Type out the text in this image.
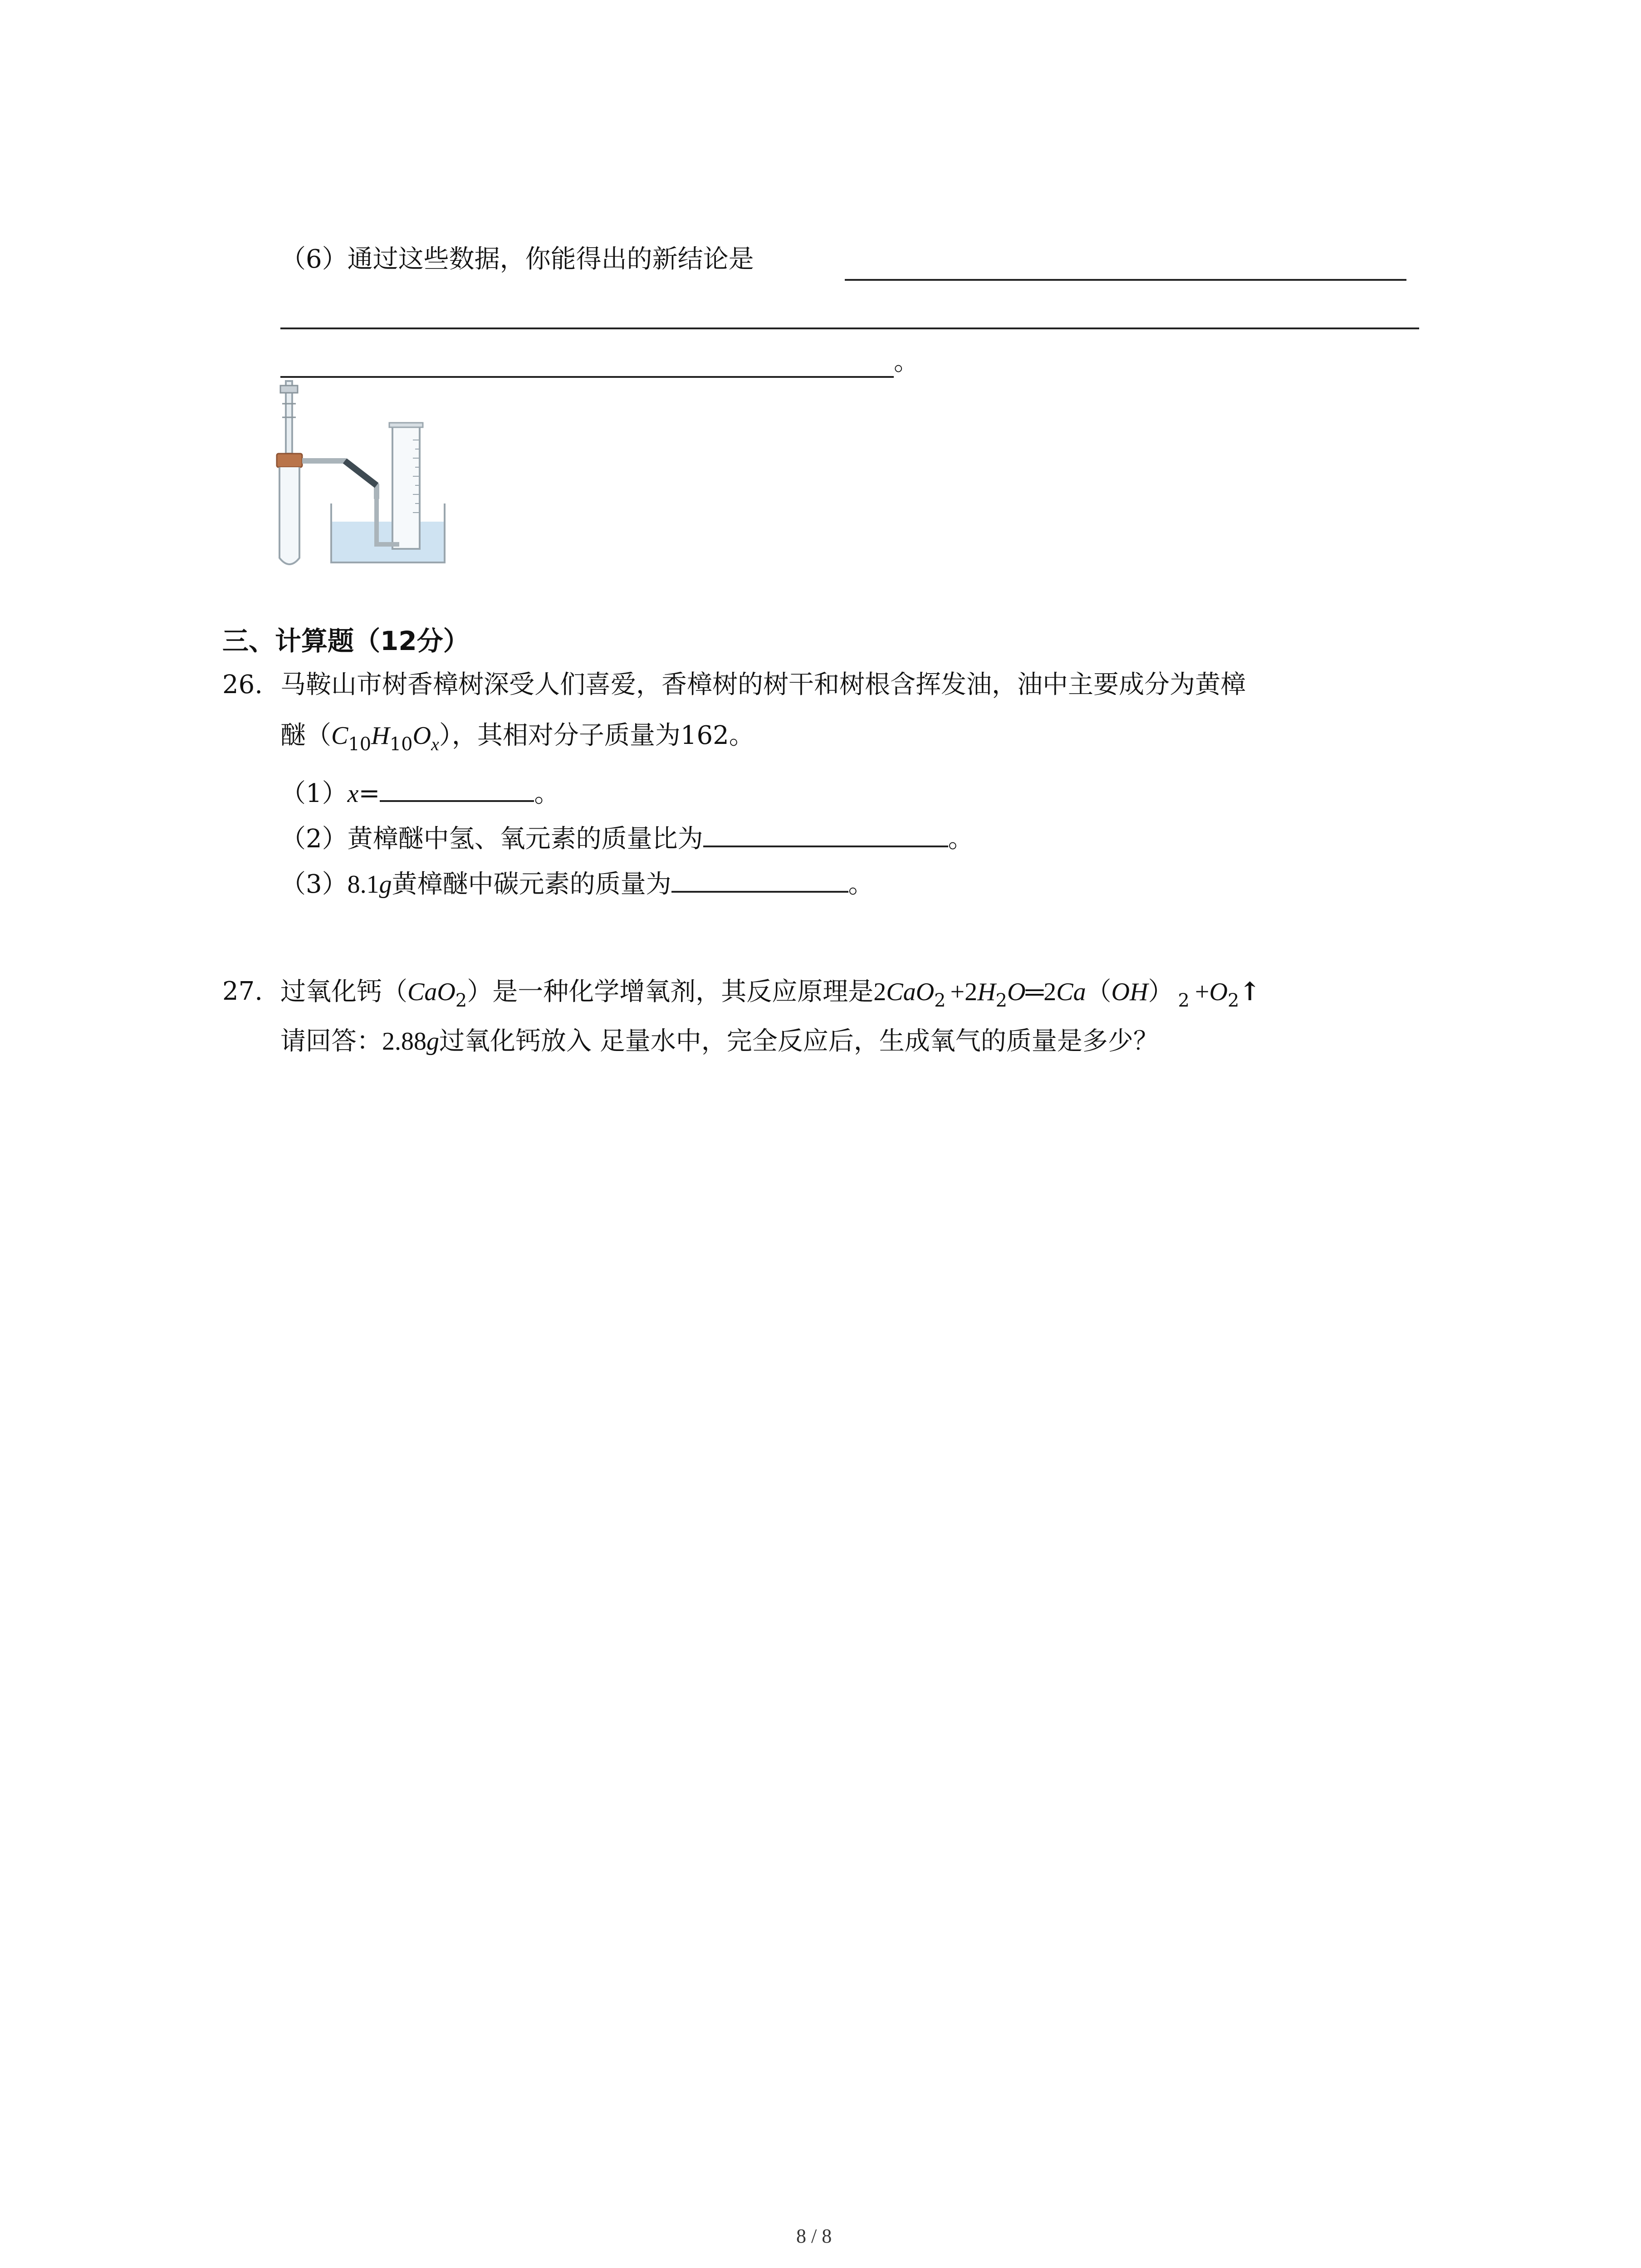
（6）通过这些数据，你能得出的新结论是
。
三、计算题（12分）
26. 马鞍山市树香樟树深受人们喜爱，香樟树的树干和树根含挥发油，油中主要成分为黄樟
醚$(C_{10}H_{10}O_x)$，其相对分子质量为162。
（1）x=	。
（2）黄樟醚中氢、氧元素的质量比为	。
（3）8.1g黄樟醚中碳元素的质量为	。
27. 过氧化钙（CaO$_2$）是一种化学增氧剂，其反应原理是$2CaO_2 +2H_2O═2Ca(OH)$ $_2 +O_2↑$
请回答：2.88g过氧化钙放入 足量水中，完全反应后，生成氧气的质量是多少？
8 / 8
